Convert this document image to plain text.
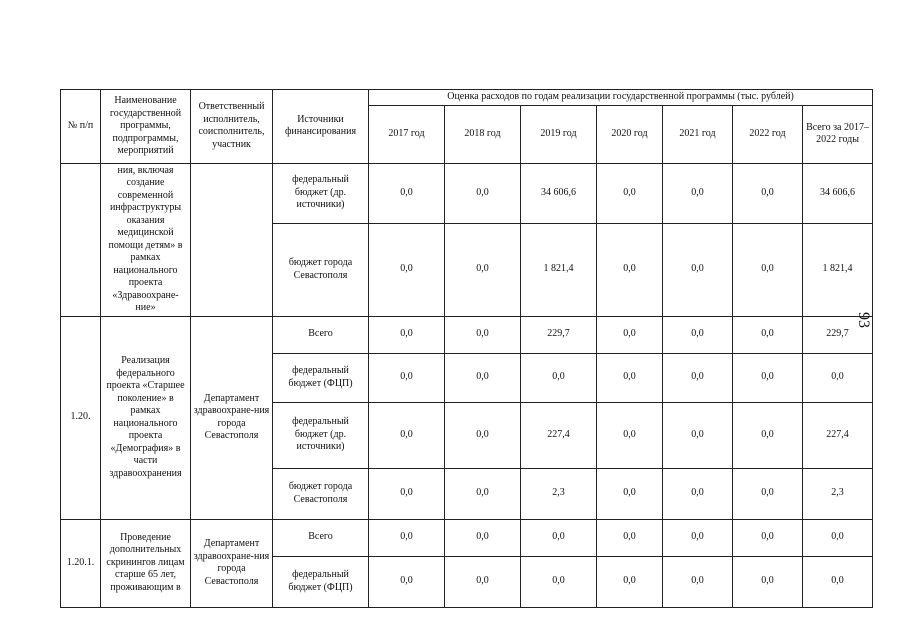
№ п/п	Наименование государственной программы, подпрограммы, мероприятий	Ответственный исполнитель, соисполнитель, участник	Источники финансирования	Оценка расходов по годам реализации государственной программы (тыс. рублей)						
				2017 год	2018 год	2019 год	2020 год	2021 год	2022 год	Всего за 2017–2022 годы
	ния, включая создание современной инфраструктуры оказания медицинской помощи детям» в рамках национального проекта «Здравоохране-ние»		федеральный бюджет (др. источники)	0,0	0,0	34 606,6	0,0	0,0	0,0	34 606,6
			бюджет города Севастополя	0,0	0,0	1 821,4	0,0	0,0	0,0	1 821,4
1.20.	Реализация федерального проекта «Старшее поколение» в рамках национального проекта «Демография» в части здравоохранения	Департамент здравоохране-ния города Севастополя	Всего	0,0	0,0	229,7	0,0	0,0	0,0	229,7
			федеральный бюджет (ФЦП)	0,0	0,0	0,0	0,0	0,0	0,0	0,0
			федеральный бюджет (др. источники)	0,0	0,0	227,4	0,0	0,0	0,0	227,4
			бюджет города Севастополя	0,0	0,0	2,3	0,0	0,0	0,0	2,3
1.20.1.	Проведение дополнительных скринингов лицам старше 65 лет, проживающим в	Департамент здравоохране-ния города Севастополя	Всего	0,0	0,0	0,0	0,0	0,0	0,0	0,0
			федеральный бюджет (ФЦП)	0,0	0,0	0,0	0,0	0,0	0,0	0,0
93
